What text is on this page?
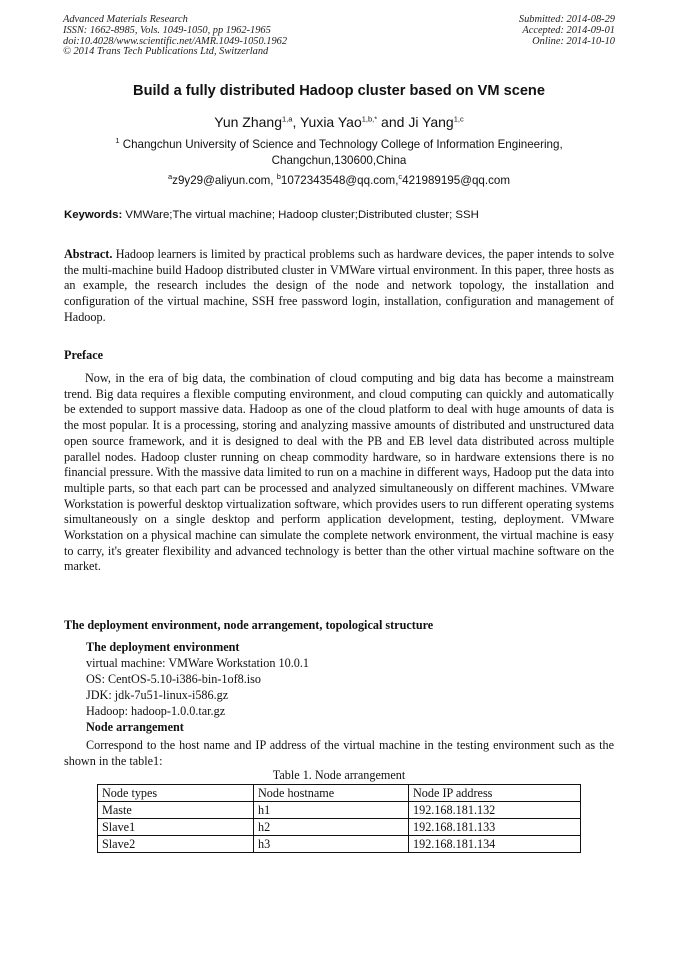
Advanced Materials Research
ISSN: 1662-8985, Vols. 1049-1050, pp 1962-1965
doi:10.4028/www.scientific.net/AMR.1049-1050.1962
© 2014 Trans Tech Publications Ltd, Switzerland
Submitted: 2014-08-29
Accepted: 2014-09-01
Online: 2014-10-10
Build a fully distributed Hadoop cluster based on VM scene
Yun Zhang$^{1,a}$, Yuxia Yao$^{1,b,*}$ and Ji Yang$^{1,c}$
$^1$ Changchun University of Science and Technology College of Information Engineering,
Changchun,130600,China
$^a$z9y29@aliyun.com, $^b$1072343548@qq.com,$^c$421989195@qq.com
Keywords: VMWare;The virtual machine; Hadoop cluster;Distributed cluster; SSH

Abstract. Hadoop learners is limited by practical problems such as hardware devices, the paper intends to solve the multi-machine build Hadoop distributed cluster in VMWare virtual environment. In this paper, three hosts as an example, the research includes the design of the node and network topology, the installation and configuration of the virtual machine, SSH free password login, installation, configuration and management of Hadoop.

Preface

Now, in the era of big data, the combination of cloud computing and big data has become a mainstream trend. Big data requires a flexible computing environment, and cloud computing can quickly and automatically be extended to support massive data. Hadoop as one of the cloud platform to deal with huge amounts of data is the most popular. It is a processing, storing and analyzing massive amounts of distributed and unstructured data open source framework, and it is designed to deal with the PB and EB level data distributed across multiple parallel nodes. Hadoop cluster running on cheap commodity hardware, so in hardware extensions there is no financial pressure. With the massive data limited to run on a machine in different ways, Hadoop put the data into multiple parts, so that each part can be processed and analyzed simultaneously on different machines. VMware Workstation is powerful desktop virtualization software, which provides users to run different operating systems simultaneously on a single desktop and perform application development, testing, deployment. VMware Workstation on a physical machine can simulate the complete network environment, the virtual machine is easy to carry, it's greater flexibility and advanced technology is better than the other virtual machine software on the market.

The deployment environment, node arrangement, topological structure

The deployment environment

virtual machine: VMWare Workstation 10.0.1

OS: CentOS-5.10-i386-bin-1of8.iso

JDK: jdk-7u51-linux-i586.gz

Hadoop: hadoop-1.0.0.tar.gz

Node arrangement

Correspond to the host name and IP address of the virtual machine in the testing environment such as the shown in the table1:

Table 1. Node arrangement
Node types	Node hostname	Node IP address
Maste	h1	192.168.181.132
Slave1	h2	192.168.181.133
Slave2	h3	192.168.181.134
